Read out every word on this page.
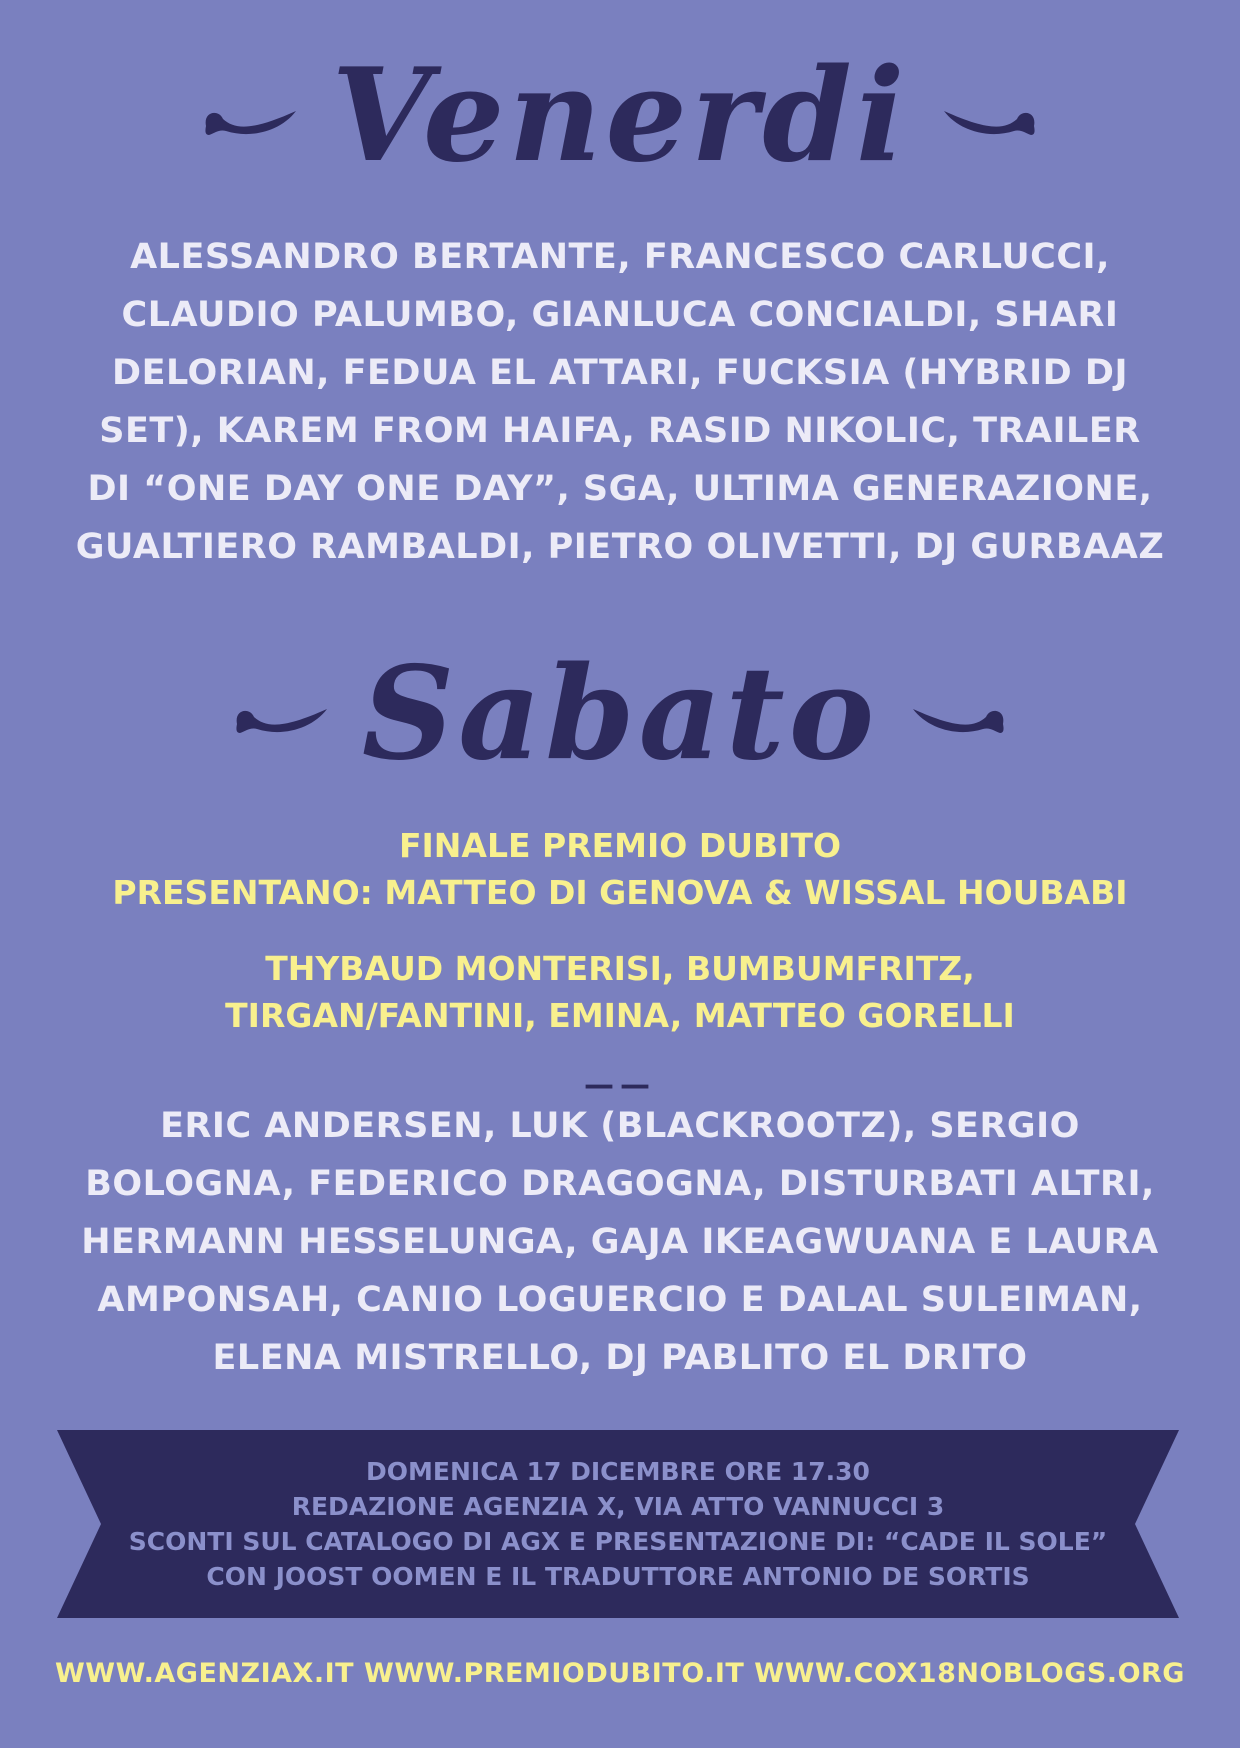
Venerdi
ALESSANDRO BERTANTE, FRANCESCO CARLUCCI,
CLAUDIO PALUMBO, GIANLUCA CONCIALDI, SHARI
DELORIAN, FEDUA EL ATTARI, FUCKSIA (HYBRID DJ
SET), KAREM FROM HAIFA, RASID NIKOLIC, TRAILER
DI “ONE DAY ONE DAY”, SGA, ULTIMA GENERAZIONE,
GUALTIERO RAMBALDI, PIETRO OLIVETTI, DJ GURBAAZ
Sabato
FINALE PREMIO DUBITO
PRESENTANO: MATTEO DI GENOVA & WISSAL HOUBABI
THYBAUD MONTERISI, BUMBUMFRITZ,
TIRGAN/FANTINI, EMINA, MATTEO GORELLI
——
ERIC ANDERSEN, LUK (BLACKROOTZ), SERGIO
BOLOGNA, FEDERICO DRAGOGNA, DISTURBATI ALTRI,
HERMANN HESSELUNGA, GAJA IKEAGWUANA E LAURA
AMPONSAH, CANIO LOGUERCIO E DALAL SULEIMAN,
ELENA MISTRELLO, DJ PABLITO EL DRITO
DOMENICA 17 DICEMBRE ORE 17.30
REDAZIONE AGENZIA X, VIA ATTO VANNUCCI 3
SCONTI SUL CATALOGO DI AGX E PRESENTAZIONE DI: “CADE IL SOLE”
CON JOOST OOMEN E IL TRADUTTORE ANTONIO DE SORTIS
WWW.AGENZIAX.IT WWW.PREMIODUBITO.IT WWW.COX18NOBLOGS.ORG
